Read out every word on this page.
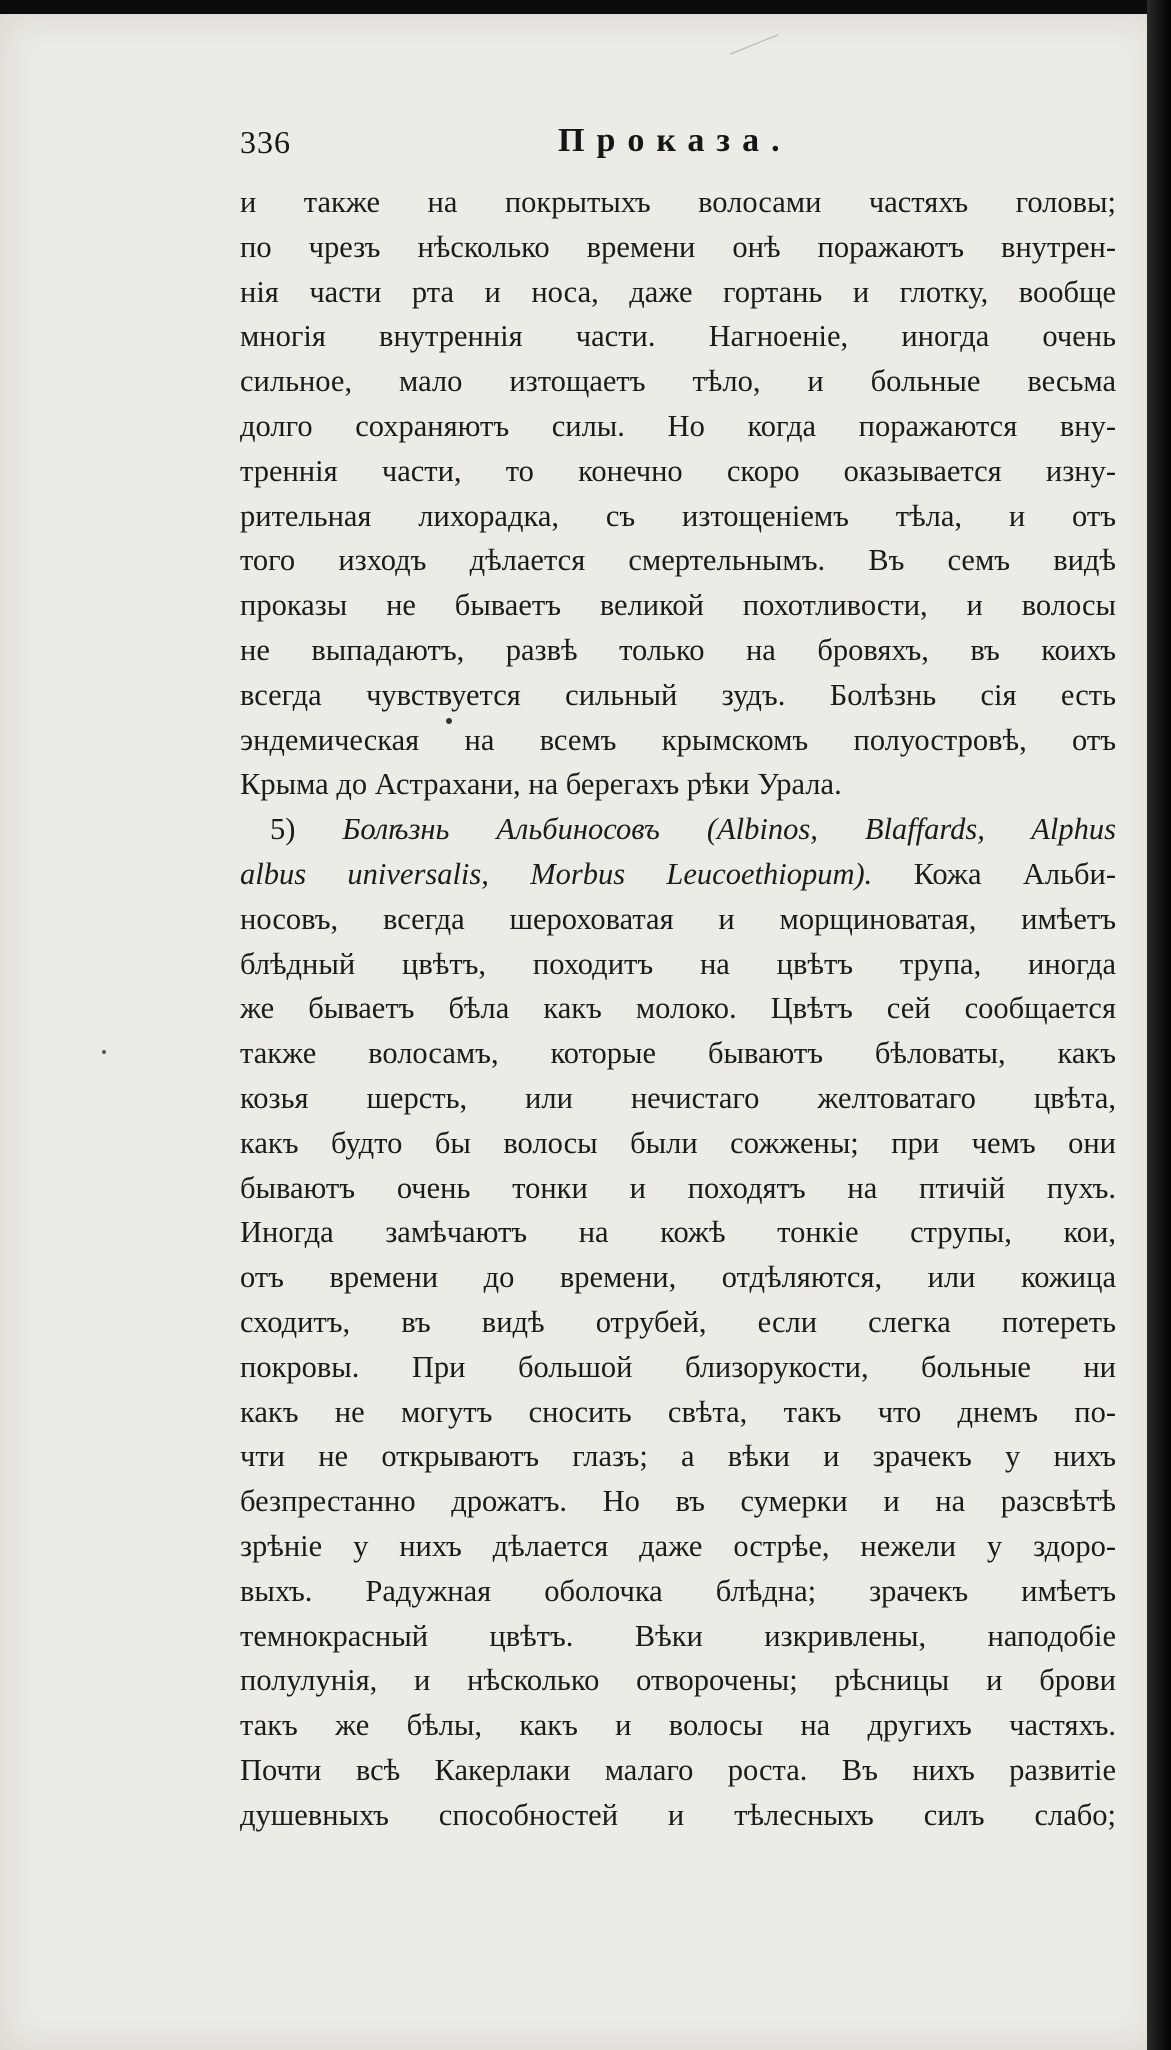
336	Проказа.
и также на покрытыхъ волосами частяхъ головы;
по чрезъ нѣсколько времени онѣ поражаютъ внутрен-
нія части рта и носа, даже гортань и глотку, вообще
многія внутреннія части. Нагноеніе, иногда очень
сильное, мало изтощаетъ тѣло, и больные весьма
долго сохраняютъ силы. Но когда поражаются вну-
треннія части, то конечно скоро оказывается изну-
рительная лихорадка, съ изтощеніемъ тѣла, и отъ
того изходъ дѣлается смертельнымъ. Въ семъ видѣ
проказы не бываетъ великой похотливости, и волосы
не выпадаютъ, развѣ только на бровяхъ, въ коихъ
всегда чувствуется сильный зудъ. Болѣзнь сія есть
эндемическая на всемъ крымскомъ полуостровѣ, отъ
Крыма до Астрахани, на берегахъ рѣки Урала.
5) Болѣзнь Альбиносовъ (Albinos, Blaffards, Alphus
albus universalis, Morbus Leucoethiopum). Кожа Альби-
носовъ, всегда шероховатая и морщиноватая, имѣетъ
блѣдный цвѣтъ, походитъ на цвѣтъ трупа, иногда
же бываетъ бѣла какъ молоко. Цвѣтъ сей сообщается
также волосамъ, которые бываютъ бѣловаты, какъ
козья шерсть, или нечистаго желтоватаго цвѣта,
какъ будто бы волосы были сожжены; при чемъ они
бываютъ очень тонки и походятъ на птичій пухъ.
Иногда замѣчаютъ на кожѣ тонкіе струпы, кои,
отъ времени до времени, отдѣляются, или кожица
сходитъ, въ видѣ отрубей, если слегка потереть
покровы. При большой близорукости, больные ни
какъ не могутъ сносить свѣта, такъ что днемъ по-
чти не открываютъ глазъ; а вѣки и зрачекъ у нихъ
безпрестанно дрожатъ. Но въ сумерки и на разсвѣтѣ
зрѣніе у нихъ дѣлается даже острѣе, нежели у здоро-
выхъ. Радужная оболочка блѣдна; зрачекъ имѣетъ
темнокрасный цвѣтъ. Вѣки изкривлены, наподобіе
полулунія, и нѣсколько отворочены; рѣсницы и брови
такъ же бѣлы, какъ и волосы на другихъ частяхъ.
Почти всѣ Какерлаки малаго роста. Въ нихъ развитіе
душевныхъ способностей и тѣлесныхъ силъ слабо;
